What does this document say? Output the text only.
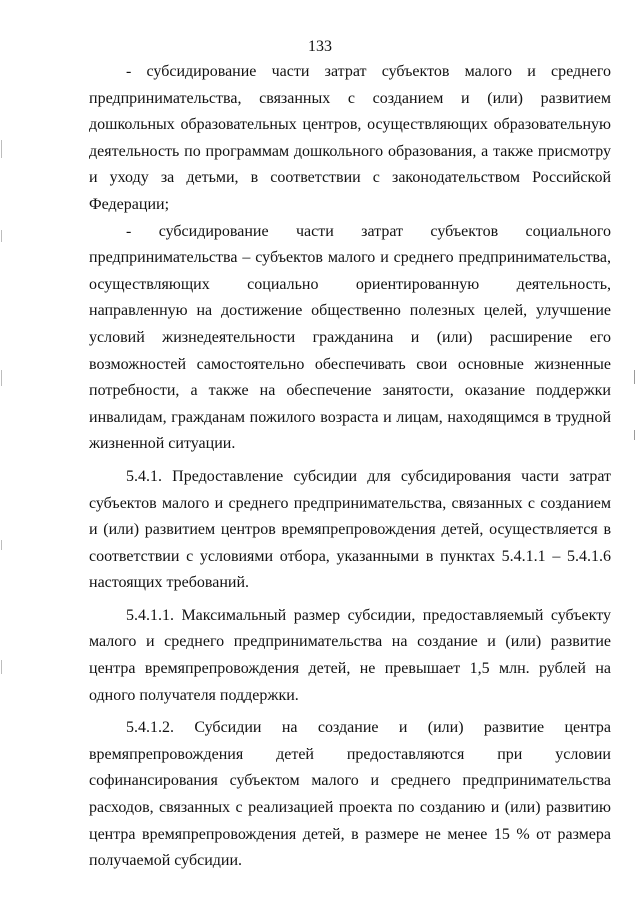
133

- субсидирование части затрат субъектов малого и среднего предпринимательства, связанных с созданием и (или) развитием дошкольных образовательных центров, осуществляющих образовательную деятельность по программам дошкольного образования, а также присмотру и уходу за детьми, в соответствии с законодательством Российской Федерации;

- субсидирование части затрат субъектов социального предпринимательства – субъектов малого и среднего предпринимательства, осуществляющих социально ориентированную деятельность, направленную на достижение общественно полезных целей, улучшение условий жизнедеятельности гражданина и (или) расширение его возможностей самостоятельно обеспечивать свои основные жизненные потребности, а также на обеспечение занятости, оказание поддержки инвалидам, гражданам пожилого возраста и лицам, находящимся в трудной жизненной ситуации.

5.4.1. Предоставление субсидии для субсидирования части затрат субъектов малого и среднего предпринимательства, связанных с созданием и (или) развитием центров времяпрепровождения детей, осуществляется в соответствии с условиями отбора, указанными в пунктах 5.4.1.1 – 5.4.1.6 настоящих требований.

5.4.1.1. Максимальный размер субсидии, предоставляемый субъекту малого и среднего предпринимательства на создание и (или) развитие центра времяпрепровождения детей, не превышает 1,5 млн. рублей на одного получателя поддержки.

5.4.1.2. Субсидии на создание и (или) развитие центра времяпрепровождения детей предоставляются при условии софинансирования субъектом малого и среднего предпринимательства расходов, связанных с реализацией проекта по созданию и (или) развитию центра времяпрепровождения детей, в размере не менее 15 % от размера получаемой субсидии.
